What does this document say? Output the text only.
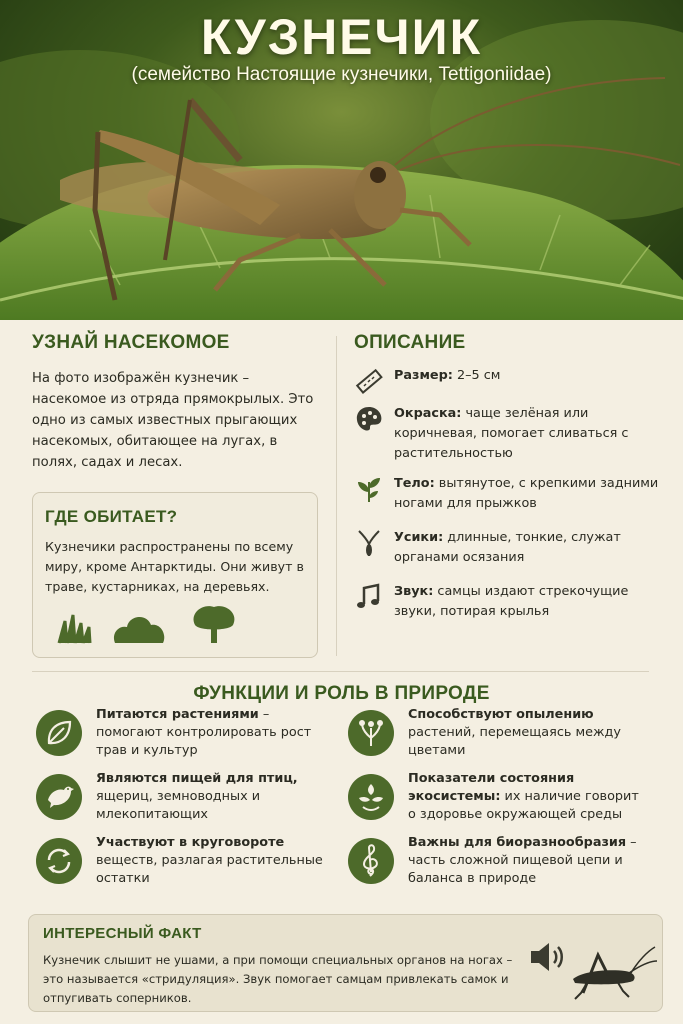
КУЗНЕЧИК
(семейство Настоящие кузнечики, Tettigoniidae)
УЗНАЙ НАСЕКОМОЕ
На фото изображён кузнечик – насекомое из отряда прямокрылых. Это одно из самых известных прыгающих насекомых, обитающее на лугах, в полях, садах и лесах.
ГДЕ ОБИТАЕТ?
Кузнечики распространены по всему миру, кроме Антарктиды. Они живут в траве, кустарниках, на деревьях.
ОПИСАНИЕ
Размер: 2–5 см
Окраска: чаще зелёная или коричневая, помогает сливаться с растительностью
Тело: вытянутое, с крепкими задними ногами для прыжков
Усики: длинные, тонкие, служат органами осязания
Звук: самцы издают стрекочущие звуки, потирая крылья
ФУНКЦИИ И РОЛЬ В ПРИРОДЕ
Питаются растениями – помогают контролировать рост трав и культур
Являются пищей для птиц, ящериц, земноводных и млекопитающих
Участвуют в круговороте веществ, разлагая растительные остатки
Способствуют опылению растений, перемещаясь между цветами
Показатели состояния экосистемы: их наличие говорит о здоровье окружающей среды
Важны для биоразнообразия – часть сложной пищевой цепи и баланса в природе
ИНТЕРЕСНЫЙ ФАКТ
Кузнечик слышит не ушами, а при помощи специальных органов на ногах – это называется «стридуляция». Звук помогает самцам привлекать самок и отпугивать соперников.
